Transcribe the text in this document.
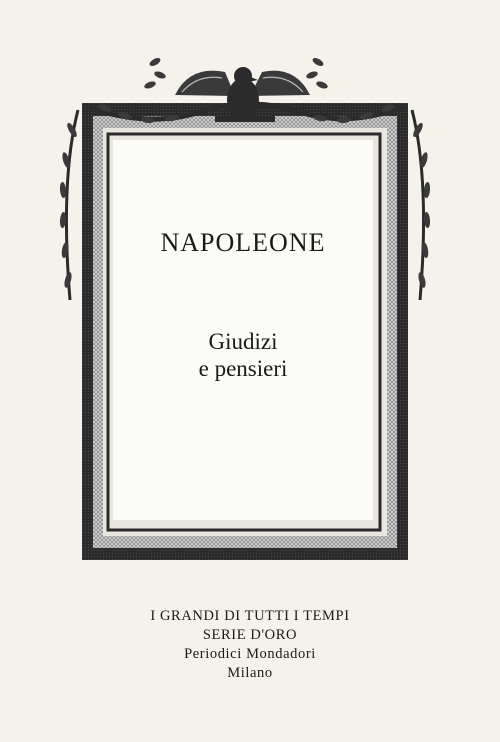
NAPOLEONE
Giudizi
e pensieri
I GRANDI DI TUTTI I TEMPI
SERIE D'ORO
Periodici Mondadori
Milano
